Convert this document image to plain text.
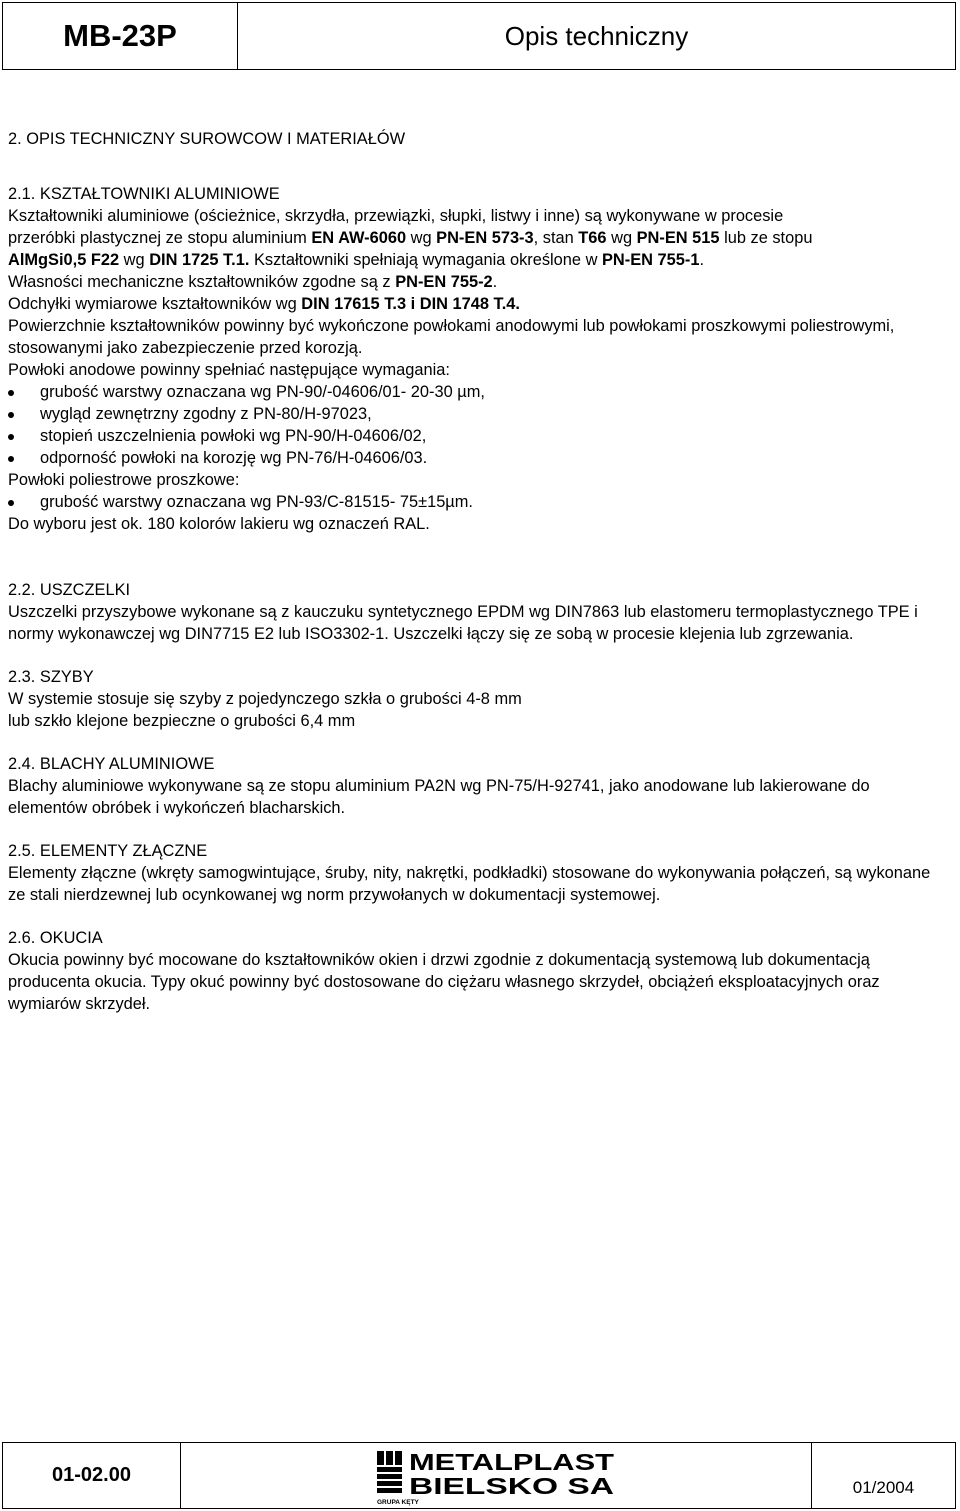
MB-23P	Opis techniczny

2. OPIS TECHNICZNY SUROWCOW I MATERIAŁÓW

2.1. KSZTAŁTOWNIKI ALUMINIOWE

Kształtowniki aluminiowe (ościeżnice, skrzydła, przewiązki, słupki, listwy i inne) są wykonywane w procesie
przeróbki plastycznej ze stopu aluminium EN AW-6060 wg PN-EN 573-3, stan T66 wg PN-EN 515 lub ze stopu
AlMgSi0,5 F22 wg DIN 1725 T.1. Kształtowniki spełniają wymagania określone w PN-EN 755-1.

Własności mechaniczne kształtowników zgodne są z PN-EN 755-2.

Odchyłki wymiarowe kształtowników wg DIN 17615 T.3 i DIN 1748 T.4.

Powierzchnie kształtowników powinny być wykończone powłokami anodowymi lub powłokami proszkowymi poliestrowymi, stosowanymi jako zabezpieczenie przed korozją.

Powłoki anodowe powinny spełniać następujące wymagania:

grubość warstwy oznaczana wg PN-90/-04606/01- 20-30 µm,
wygląd zewnętrzny zgodny z PN-80/H-97023,
stopień uszczelnienia powłoki wg PN-90/H-04606/02,
odporność powłoki na korozję wg PN-76/H-04606/03.

Powłoki poliestrowe proszkowe:

grubość warstwy oznaczana wg PN-93/C-81515- 75±15µm.

Do wyboru jest ok. 180 kolorów lakieru wg oznaczeń RAL.

2.2. USZCZELKI

Uszczelki przyszybowe wykonane są z kauczuku syntetycznego EPDM wg DIN7863 lub elastomeru termoplastycznego TPE i normy wykonawczej wg DIN7715 E2 lub ISO3302-1. Uszczelki łączy się ze sobą w procesie klejenia lub zgrzewania.

2.3. SZYBY

W systemie stosuje się szyby z pojedynczego szkła o grubości 4-8 mm

lub szkło klejone bezpieczne o grubości 6,4 mm

2.4. BLACHY ALUMINIOWE

Blachy aluminiowe wykonywane są ze stopu aluminium PA2N wg PN-75/H-92741, jako anodowane lub lakierowane do elementów obróbek i wykończeń blacharskich.

2.5. ELEMENTY ZŁĄCZNE

Elementy złączne (wkręty samogwintujące, śruby, nity, nakrętki, podkładki) stosowane do wykonywania połączeń, są wykonane ze stali nierdzewnej lub ocynkowanej wg norm przywołanych w dokumentacji systemowej.

2.6. OKUCIA

Okucia powinny być mocowane do kształtowników okien i drzwi zgodnie z dokumentacją systemową lub dokumentacją producenta okucia. Typy okuć powinny być dostosowane do ciężaru własnego skrzydeł, obciążeń eksploatacyjnych oraz wymiarów skrzydeł.

01-02.00
METALPLAST
BIELSKO SA
GRUPA KĘTY
01/2004
